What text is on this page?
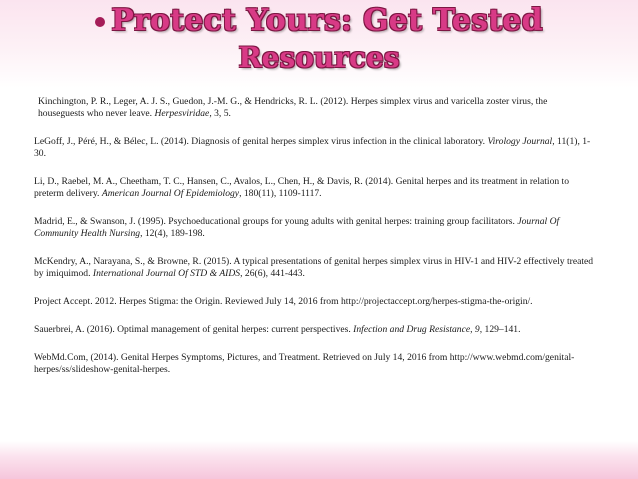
Protect Yours: Get Tested
Resources

Kinchington, P. R., Leger, A. J. S., Guedon, J.-M. G., & Hendricks, R. L. (2012). Herpes simplex virus and varicella zoster virus, the houseguests who never leave. Herpesviridae, 3, 5.

LeGoff, J., Péré, H., & Bélec, L. (2014). Diagnosis of genital herpes simplex virus infection in the clinical laboratory. Virology Journal, 11(1), 1-30.

Li, D., Raebel, M. A., Cheetham, T. C., Hansen, C., Avalos, L., Chen, H., & Davis, R. (2014). Genital herpes and its treatment in relation to preterm delivery. American Journal Of Epidemiology, 180(11), 1109-1117.

Madrid, E., & Swanson, J. (1995). Psychoeducational groups for young adults with genital herpes: training group facilitators. Journal Of Community Health Nursing, 12(4), 189-198.

McKendry, A., Narayana, S., & Browne, R. (2015). A typical presentations of genital herpes simplex virus in HIV-1 and HIV-2 effectively treated by imiquimod. International Journal Of STD & AIDS, 26(6), 441-443.

Project Accept. 2012. Herpes Stigma: the Origin. Reviewed July 14, 2016 from http://projectaccept.org/herpes-stigma-the-origin/.

Sauerbrei, A. (2016). Optimal management of genital herpes: current perspectives. Infection and Drug Resistance, 9, 129–141.

WebMd.Com, (2014). Genital Herpes Symptoms, Pictures, and Treatment. Retrieved on July 14, 2016 from http://www.webmd.com/genital-herpes/ss/slideshow-genital-herpes.
